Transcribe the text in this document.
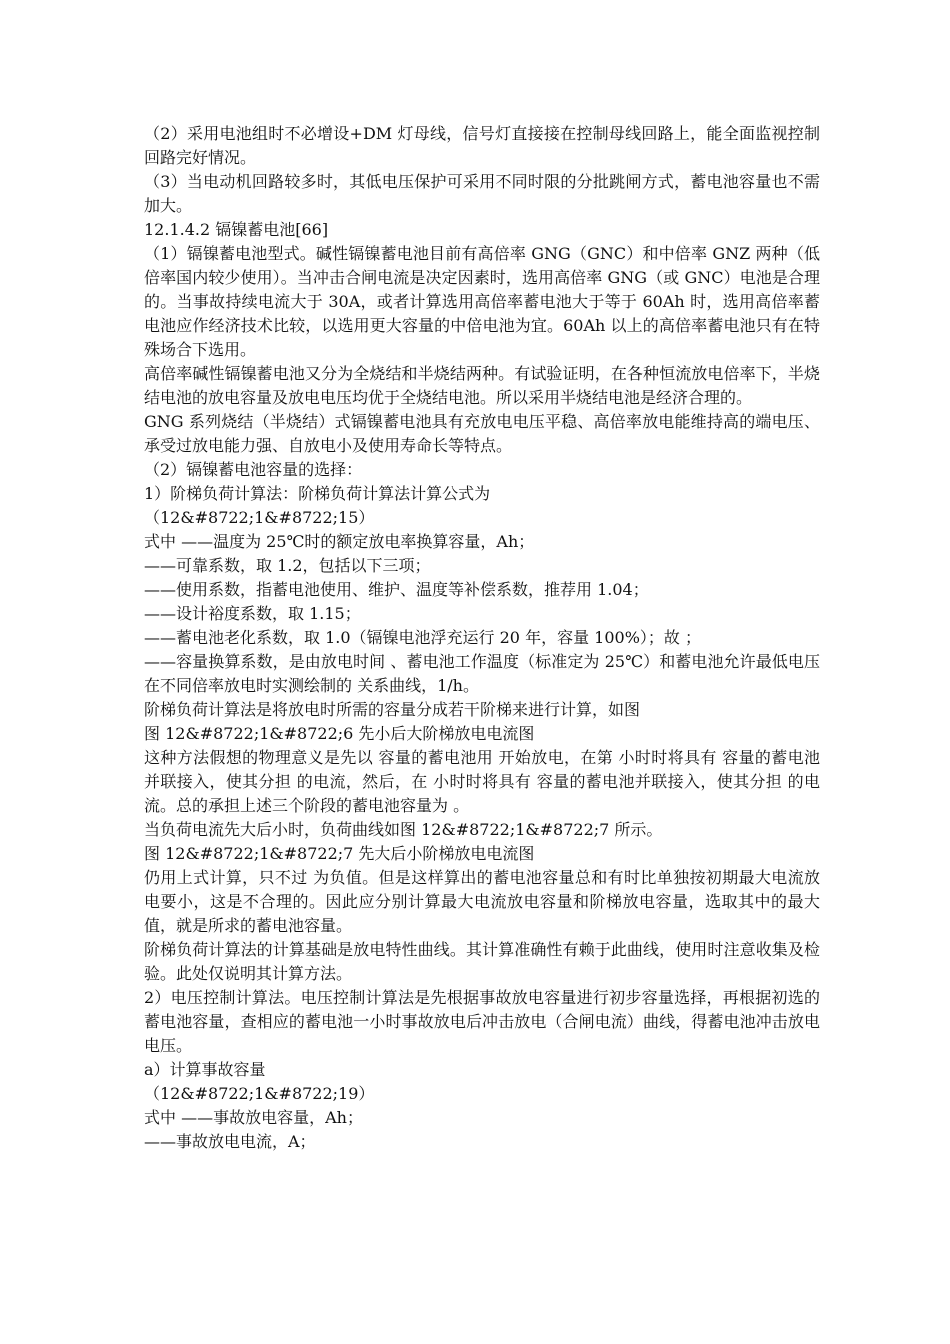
（2）采用电池组时不必增设+DM 灯母线，信号灯直接接在控制母线回路上，能全面监视控制回路完好情况。

（3）当电动机回路较多时，其低电压保护可采用不同时限的分批跳闸方式，蓄电池容量也不需加大。

12.1.4.2 镉镍蓄电池[66]

（1）镉镍蓄电池型式。碱性镉镍蓄电池目前有高倍率 GNG（GNC）和中倍率 GNZ 两种（低倍率国内较少使用）。当冲击合闸电流是决定因素时，选用高倍率 GNG（或 GNC）电池是合理的。当事故持续电流大于 30A，或者计算选用高倍率蓄电池大于等于 60Ah 时，选用高倍率蓄电池应作经济技术比较，以选用更大容量的中倍电池为宜。60Ah 以上的高倍率蓄电池只有在特殊场合下选用。

高倍率碱性镉镍蓄电池又分为全烧结和半烧结两种。有试验证明，在各种恒流放电倍率下，半烧结电池的放电容量及放电电压均优于全烧结电池。所以采用半烧结电池是经济合理的。

GNG 系列烧结（半烧结）式镉镍蓄电池具有充放电电压平稳、高倍率放电能维持高的端电压、承受过放电能力强、自放电小及使用寿命长等特点。

（2）镉镍蓄电池容量的选择：

1）阶梯负荷计算法：阶梯负荷计算法计算公式为

（12&#8722;1&#8722;15）

式中 ——温度为 25℃时的额定放电率换算容量，Ah；

——可靠系数，取 1.2，包括以下三项；

——使用系数，指蓄电池使用、维护、温度等补偿系数，推荐用 1.04；

——设计裕度系数，取 1.15；

——蓄电池老化系数，取 1.0（镉镍电池浮充运行 20 年，容量 100%）；故 ；

——容量换算系数，是由放电时间 、蓄电池工作温度（标准定为 25℃）和蓄电池允许最低电压在不同倍率放电时实测绘制的 关系曲线，1/h。

阶梯负荷计算法是将放电时所需的容量分成若干阶梯来进行计算，如图

图 12&#8722;1&#8722;6 先小后大阶梯放电电流图

这种方法假想的物理意义是先以 容量的蓄电池用 开始放电，在第 小时时将具有 容量的蓄电池并联接入，使其分担 的电流，然后，在 小时时将具有 容量的蓄电池并联接入，使其分担 的电流。总的承担上述三个阶段的蓄电池容量为 。

当负荷电流先大后小时，负荷曲线如图 12&#8722;1&#8722;7 所示。

图 12&#8722;1&#8722;7 先大后小阶梯放电电流图

仍用上式计算，只不过 为负值。但是这样算出的蓄电池容量总和有时比单独按初期最大电流放电要小，这是不合理的。因此应分别计算最大电流放电容量和阶梯放电容量，选取其中的最大值，就是所求的蓄电池容量。

阶梯负荷计算法的计算基础是放电特性曲线。其计算准确性有赖于此曲线，使用时注意收集及检验。此处仅说明其计算方法。

2）电压控制计算法。电压控制计算法是先根据事故放电容量进行初步容量选择，再根据初选的蓄电池容量，查相应的蓄电池一小时事故放电后冲击放电（合闸电流）曲线，得蓄电池冲击放电电压。

a）计算事故容量

（12&#8722;1&#8722;19）

式中 ——事故放电容量，Ah；

——事故放电电流，A；
